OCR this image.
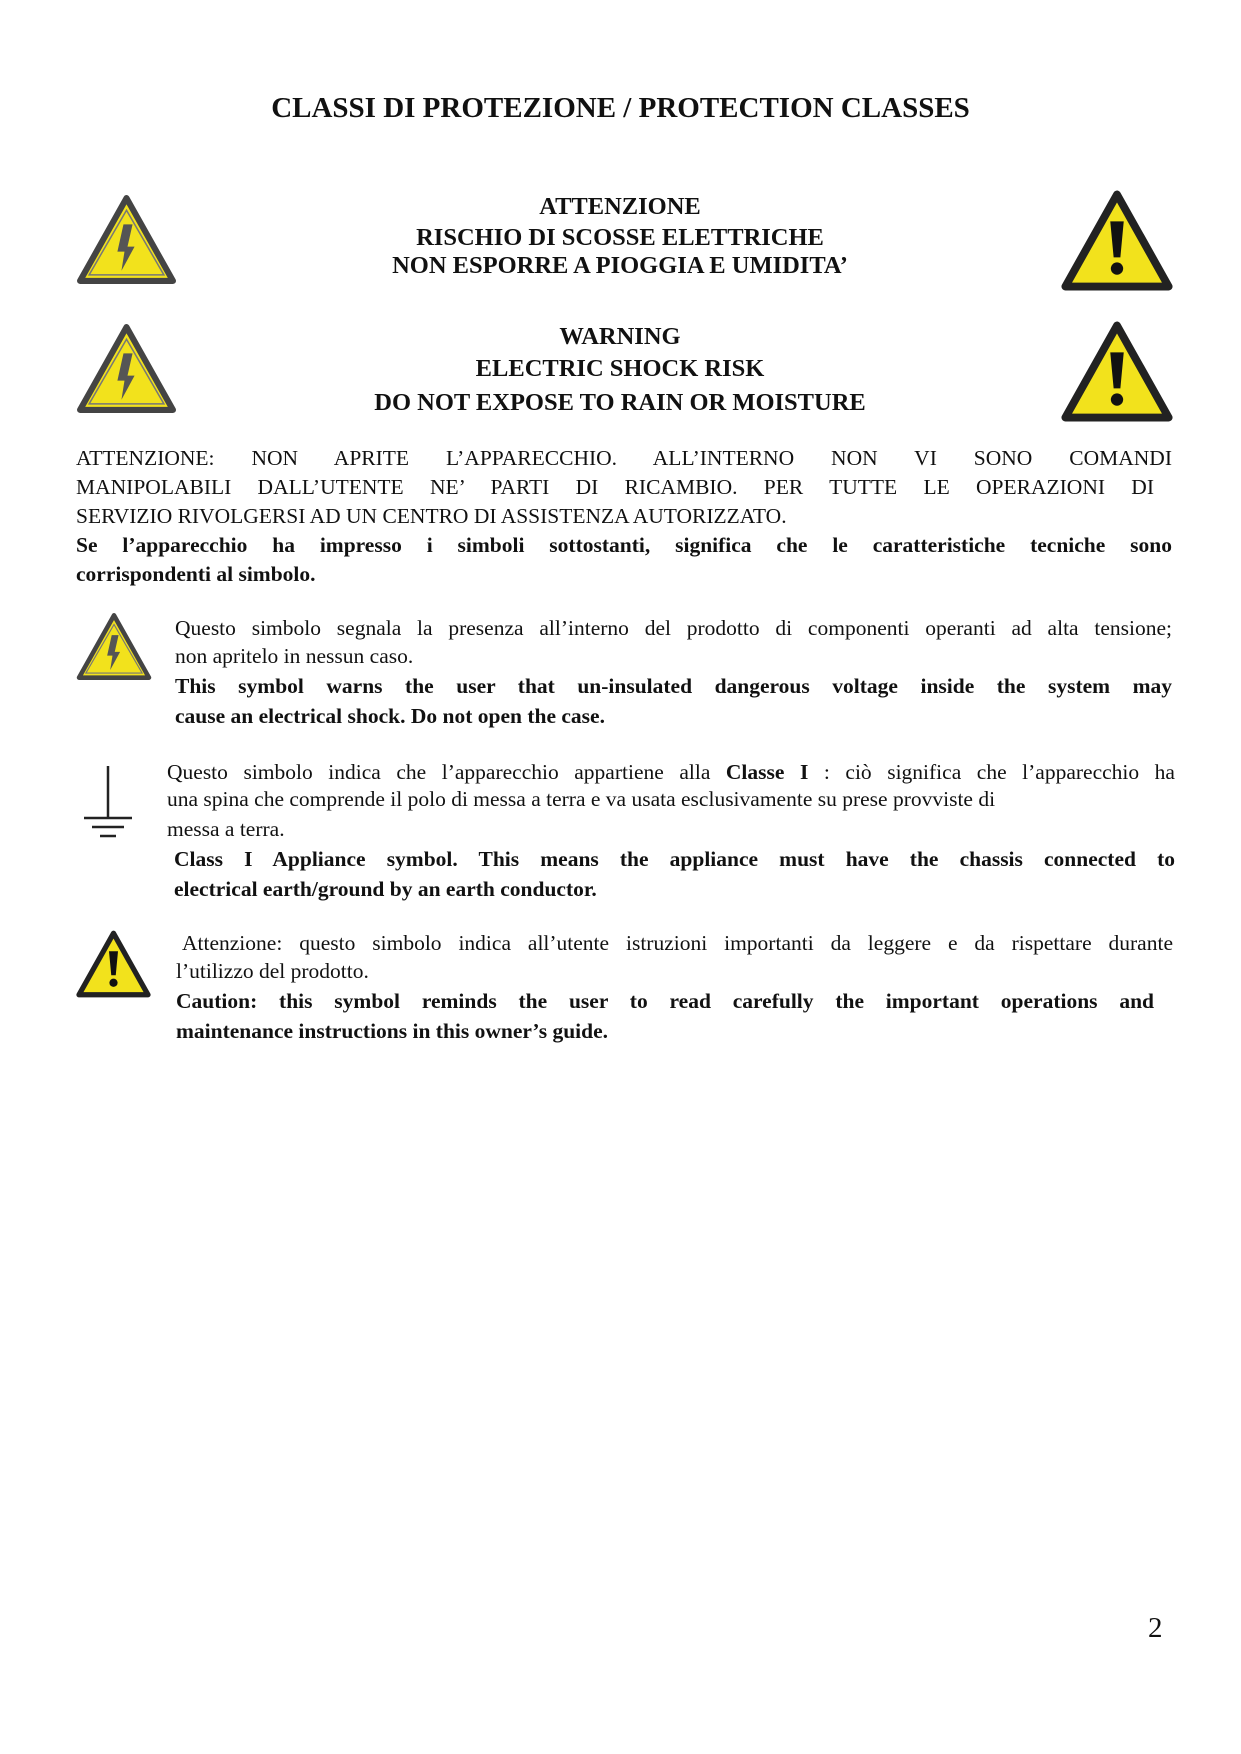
CLASSI DI PROTEZIONE / PROTECTION CLASSES
ATTENZIONE
RISCHIO DI SCOSSE ELETTRICHE
NON ESPORRE A PIOGGIA E UMIDITA’
WARNING
ELECTRIC SHOCK RISK
DO NOT EXPOSE TO RAIN OR MOISTURE
ATTENZIONE: NON APRITE L’APPARECCHIO. ALL’INTERNO NON VI SONO COMANDI
MANIPOLABILI DALL’UTENTE NE’ PARTI DI RICAMBIO. PER TUTTE LE OPERAZIONI DI
SERVIZIO RIVOLGERSI AD UN CENTRO DI ASSISTENZA AUTORIZZATO.
Se l’apparecchio ha impresso i simboli sottostanti, significa che le caratteristiche tecniche sono
corrispondenti al simbolo.
Questo simbolo segnala la presenza all’interno del prodotto di componenti operanti ad alta tensione;
non apritelo in nessun caso.
This symbol warns the user that un-insulated dangerous voltage inside the system may
cause an electrical shock. Do not open the case.
Questo simbolo indica che l’apparecchio appartiene alla Classe I : ciò significa che l’apparecchio ha
una spina che comprende il polo di messa a terra e va usata esclusivamente su prese provviste di
messa a terra.
Class I Appliance symbol. This means the appliance must have the chassis connected to
electrical earth/ground by an earth conductor.
Attenzione: questo simbolo indica all’utente istruzioni importanti da leggere e da rispettare durante
l’utilizzo del prodotto.
Caution: this symbol reminds the user to read carefully the important operations and
maintenance instructions in this owner’s guide.
2
